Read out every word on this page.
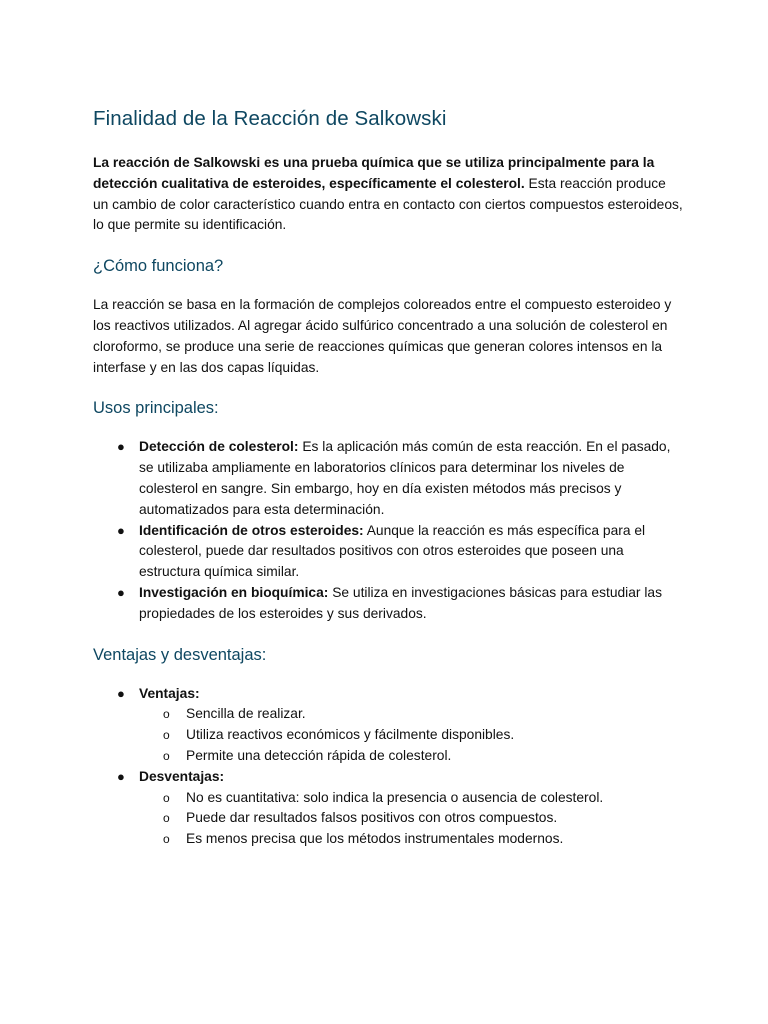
Finalidad de la Reacción de Salkowski

La reacción de Salkowski es una prueba química que se utiliza principalmente para la detección cualitativa de esteroides, específicamente el colesterol. Esta reacción produce un cambio de color característico cuando entra en contacto con ciertos compuestos esteroideos, lo que permite su identificación.

¿Cómo funciona?

La reacción se basa en la formación de complejos coloreados entre el compuesto esteroideo y los reactivos utilizados. Al agregar ácido sulfúrico concentrado a una solución de colesterol en cloroformo, se produce una serie de reacciones químicas que generan colores intensos en la interfase y en las dos capas líquidas.

Usos principales:
● Detección de colesterol: Es la aplicación más común de esta reacción. En el pasado, se utilizaba ampliamente en laboratorios clínicos para determinar los niveles de colesterol en sangre. Sin embargo, hoy en día existen métodos más precisos y automatizados para esta determinación.
● Identificación de otros esteroides: Aunque la reacción es más específica para el colesterol, puede dar resultados positivos con otros esteroides que poseen una estructura química similar.
● Investigación en bioquímica: Se utiliza en investigaciones básicas para estudiar las propiedades de los esteroides y sus derivados.
Ventajas y desventajas:
● Ventajas:
o Sencilla de realizar.
o Utiliza reactivos económicos y fácilmente disponibles.
o Permite una detección rápida de colesterol.
● Desventajas:
o No es cuantitativa: solo indica la presencia o ausencia de colesterol.
o Puede dar resultados falsos positivos con otros compuestos.
o Es menos precisa que los métodos instrumentales modernos.
